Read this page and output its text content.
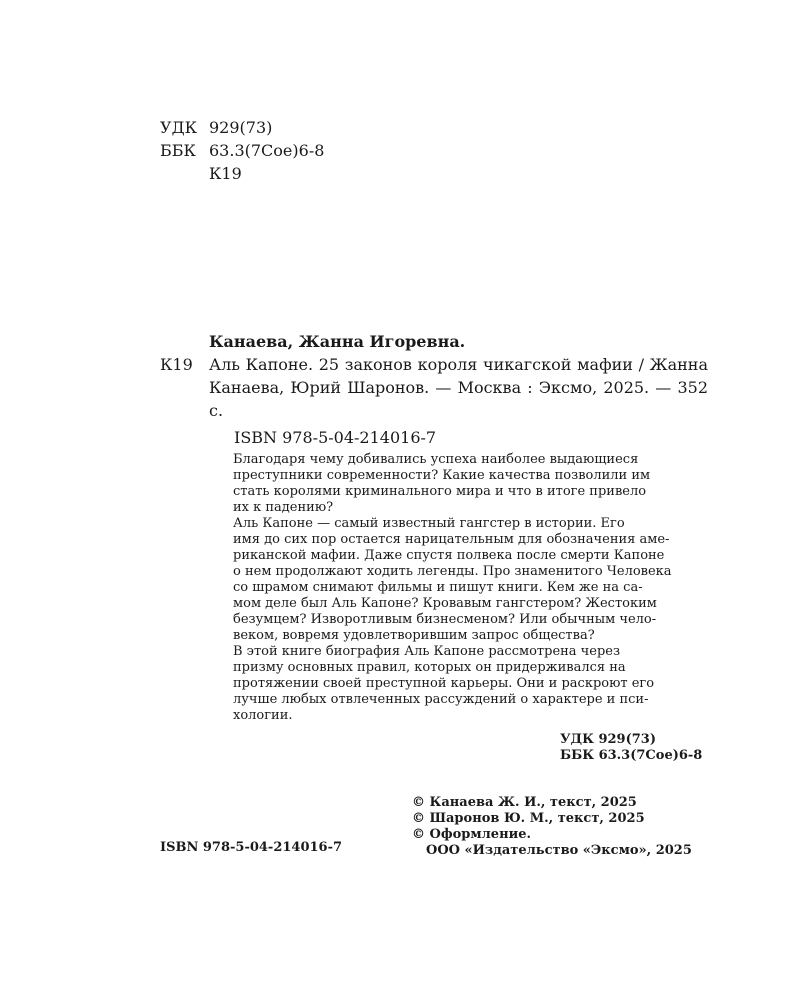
УДК 929(73)
ББК 63.3(7Сое)6-8
К19
Канаева, Жанна Игоревна.
К19	Аль Капоне. 25 законов короля чикагской мафии / Жанна Канаева, Юрий Шаронов. — Москва : Эксмо, 2025. — 352 с.
ISBN 978-5-04-214016-7
Благодаря чему добивались успеха наиболее выдающиеся
преступники современности? Какие качества позволили им
стать королями криминального мира и что в итоге привело
их к падению?
Аль Капоне — самый известный гангстер в истории. Его
имя до сих пор остается нарицательным для обозначения аме-
риканской мафии. Даже спустя полвека после смерти Капоне
о нем продолжают ходить легенды. Про знаменитого Человека
со шрамом снимают фильмы и пишут книги. Кем же на са-
мом деле был Аль Капоне? Кровавым гангстером? Жестоким
безумцем? Изворотливым бизнесменом? Или обычным чело-
веком, вовремя удовлетворившим запрос общества?
В этой книге биография Аль Капоне рассмотрена через
призму основных правил, которых он придерживался на
протяжении своей преступной карьеры. Они и раскроют его
лучше любых отвлеченных рассуждений о характере и пси-
хологии.
УДК 929(73)
ББК 63.3(7Сое)6-8
© Канаева Ж. И., текст, 2025
© Шаронов Ю. М., текст, 2025
© Оформление.
ООО «Издательство «Эксмо», 2025
ISBN 978-5-04-214016-7
